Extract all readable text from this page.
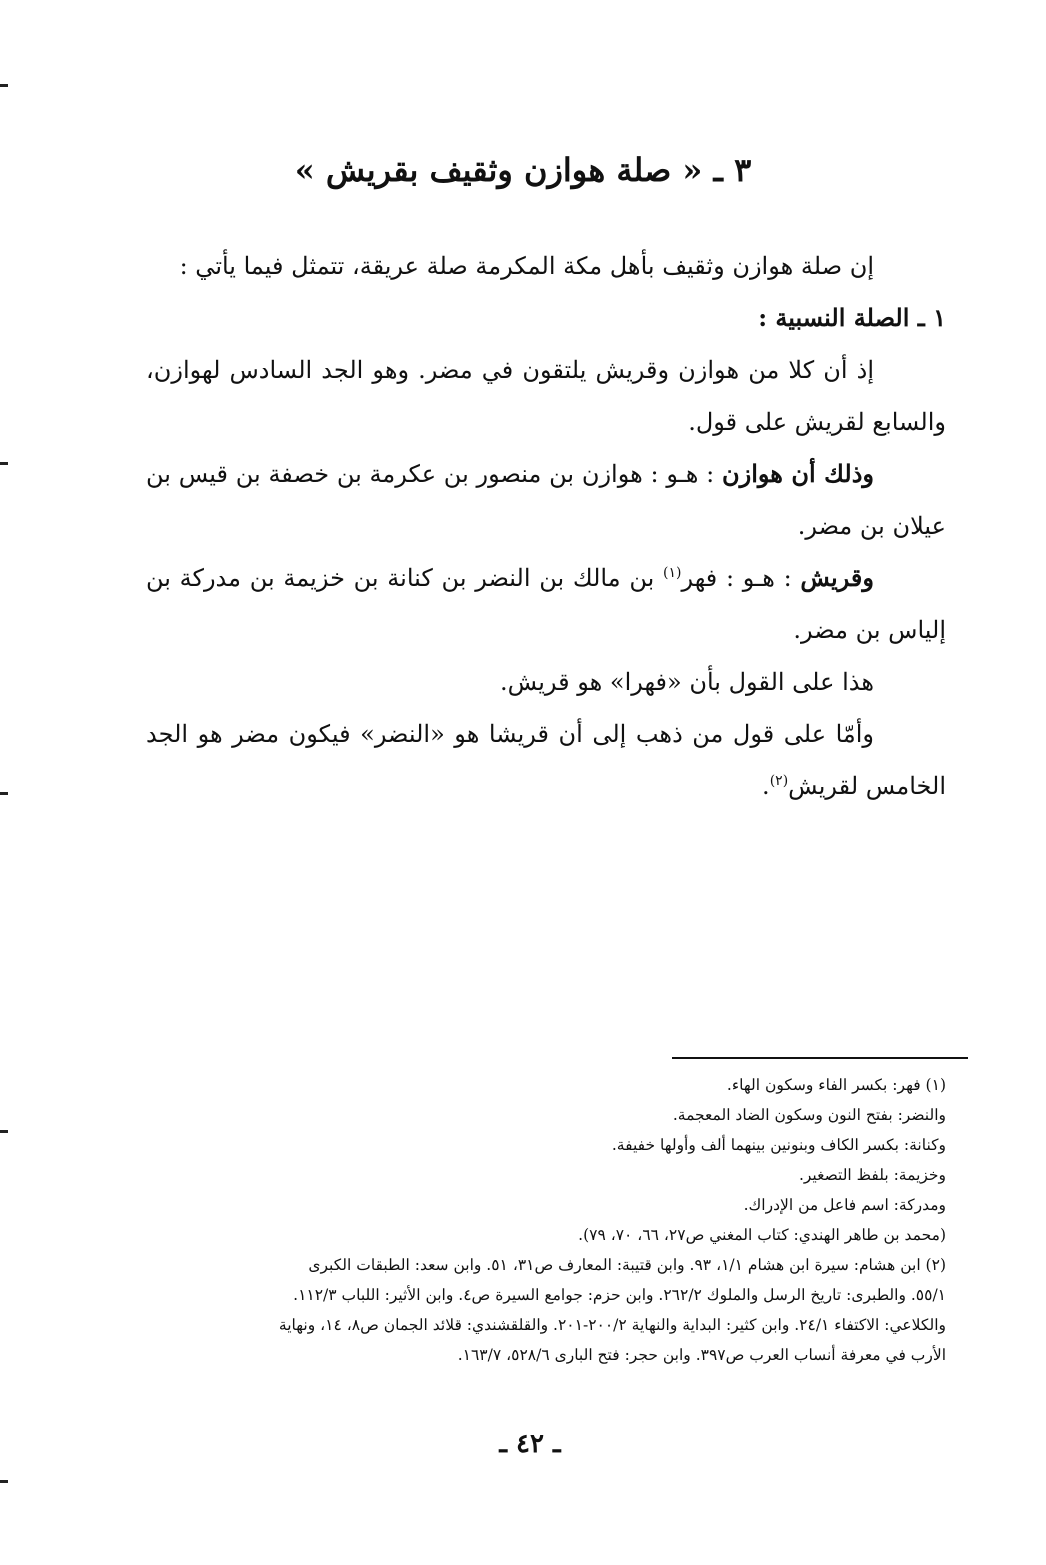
٣ ـ « صلة هوازن وثقيف بقريش »

إن صلة هوازن وثقيف بأهل مكة المكرمة صلة عريقة، تتمثل فيما يأتي :

١ ـ الصلة النسبية :

إذ أن كلا من هوازن وقريش يلتقون في مضر. وهو الجد السادس لهوازن، والسابع لقريش على قول.

وذلك أن هوازن : هـو : هوازن بن منصور بن عكرمة بن خصفة بن قيس بن عيلان بن مضر.

وقريش : هـو : فهر$^{(١)}$ بن مالك بن النضر بن كنانة بن خزيمة بن مدركة بن إلياس بن مضر.

هذا على القول بأن «فهرا» هو قريش.

وأمّا على قول من ذهب إلى أن قريشا هو «النضر» فيكون مضر هو الجد الخامس لقريش$^{(٢)}$.

(١) فهر: بكسر الفاء وسكون الهاء.

والنضر: بفتح النون وسكون الضاد المعجمة.

وكنانة: بكسر الكاف وبنونين بينهما ألف وأولها خفيفة.

وخزيمة: بلفظ التصغير.

ومدركة: اسم فاعل من الإدراك.

(محمد بن طاهر الهندي: كتاب المغني ص٢٧، ٦٦، ٧٠، ٧٩).

(٢) ابن هشام: سيرة ابن هشام ١/١، ٩٣. وابن قتيبة: المعارف ص٣١، ٥١. وابن سعد: الطبقات الكبرى

٥٥/١. والطبرى: تاريخ الرسل والملوك ٢٦٢/٢. وابن حزم: جوامع السيرة ص٤. وابن الأثير: اللباب ١١٢/٣.

والكلاعي: الاكتفاء ٢٤/١. وابن كثير: البداية والنهاية ٢٠٠/٢-٢٠١. والقلقشندي: قلائد الجمان ص٨، ١٤، ونهاية

الأرب في معرفة أنساب العرب ص٣٩٧. وابن حجر: فتح البارى ٥٢٨/٦، ١٦٣/٧.

ـ ٤٢ ـ
